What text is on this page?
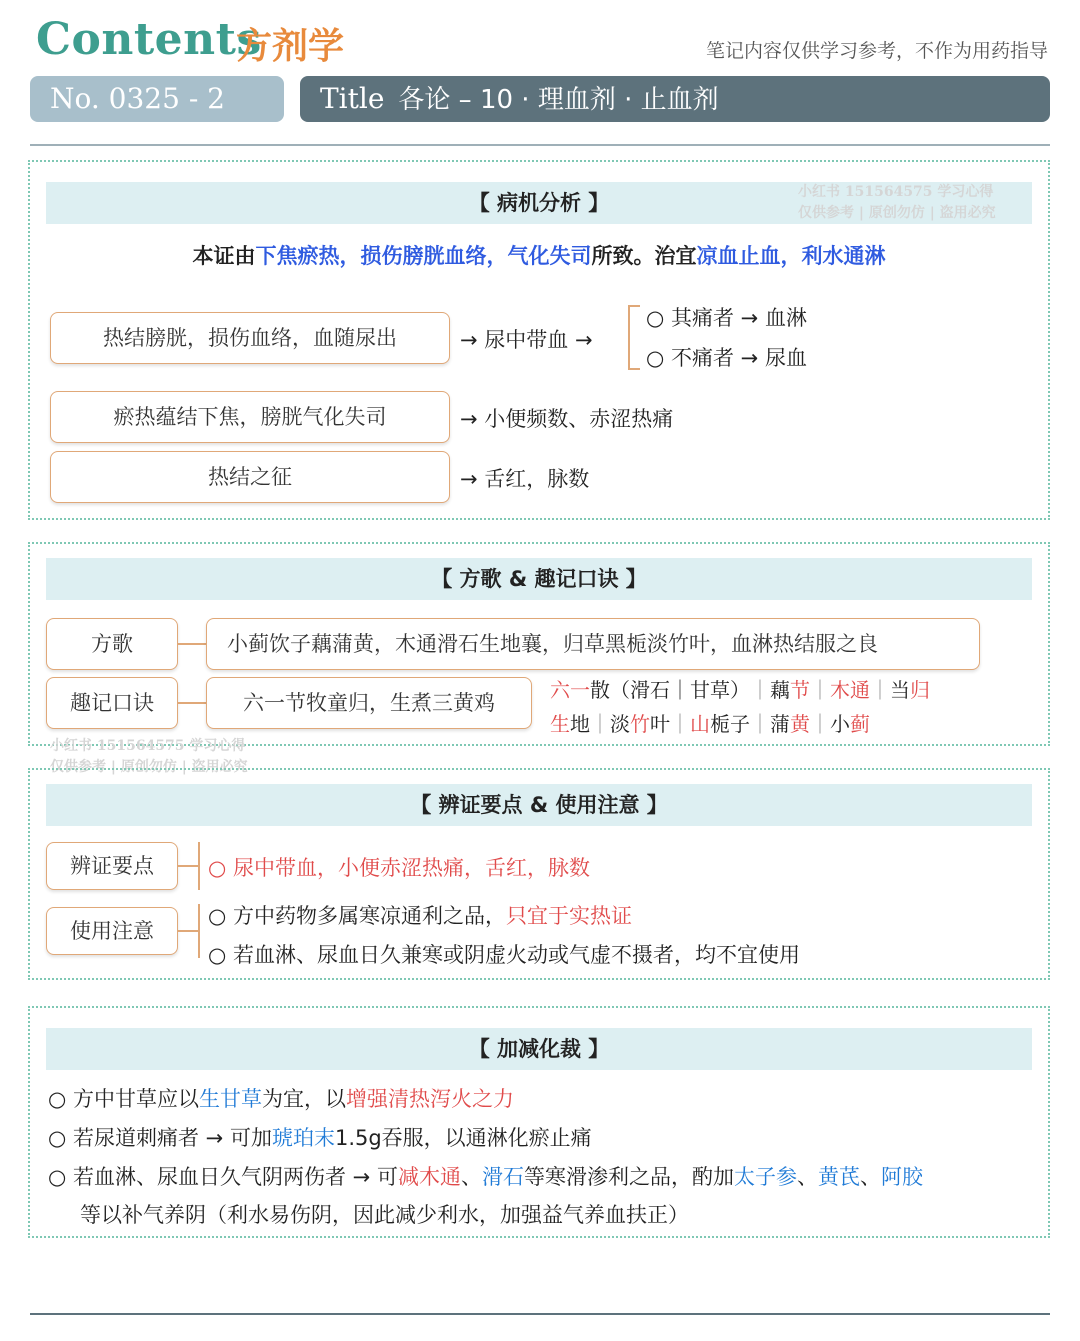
Contents
方剂学	笔记内容仅供学习参考，不作为用药指导
No. 0325 - 2	Title 各论 – 10 · 理血剂 · 止血剂
【 病机分析 】	小红书 151564575 学习心得
仅供参考 | 原创勿仿 | 盗用必究
本证由下焦瘀热，损伤膀胱血络，气化失司所致。治宜凉血止血，利水通淋
热结膀胱，损伤血络，血随尿出	→ 尿中带血 →
○ 其痛者 → 血淋
○ 不痛者 → 尿血
瘀热蕴结下焦，膀胱气化失司	→ 小便频数、赤涩热痛
热结之征	→ 舌红，脉数
【 方歌 & 趣记口诀 】
方歌	小蓟饮子藕蒲黄，木通滑石生地襄，归草黑栀淡竹叶，血淋热结服之良
趣记口诀	六一节牧童归，生煮三黄鸡
六一散（滑石｜甘草）｜藕节｜木通｜当归
生地｜淡竹叶｜山栀子｜蒲黄｜小蓟
小红书 151564575 学习心得
仅供参考 | 原创勿仿 | 盗用必究
【 辨证要点 & 使用注意 】
辨证要点	○ 尿中带血，小便赤涩热痛，舌红，脉数
使用注意
○ 方中药物多属寒凉通利之品，只宜于实热证
○ 若血淋、尿血日久兼寒或阴虚火动或气虚不摄者，均不宜使用
【 加减化裁 】
○ 方中甘草应以生甘草为宜，以增强清热泻火之力
○ 若尿道刺痛者 → 可加琥珀末1.5g吞服，以通淋化瘀止痛
○ 若血淋、尿血日久气阴两伤者 → 可减木通、滑石等寒滑渗利之品，酌加太子参、黄芪、阿胶
等以补气养阴（利水易伤阴，因此减少利水，加强益气养血扶正）
